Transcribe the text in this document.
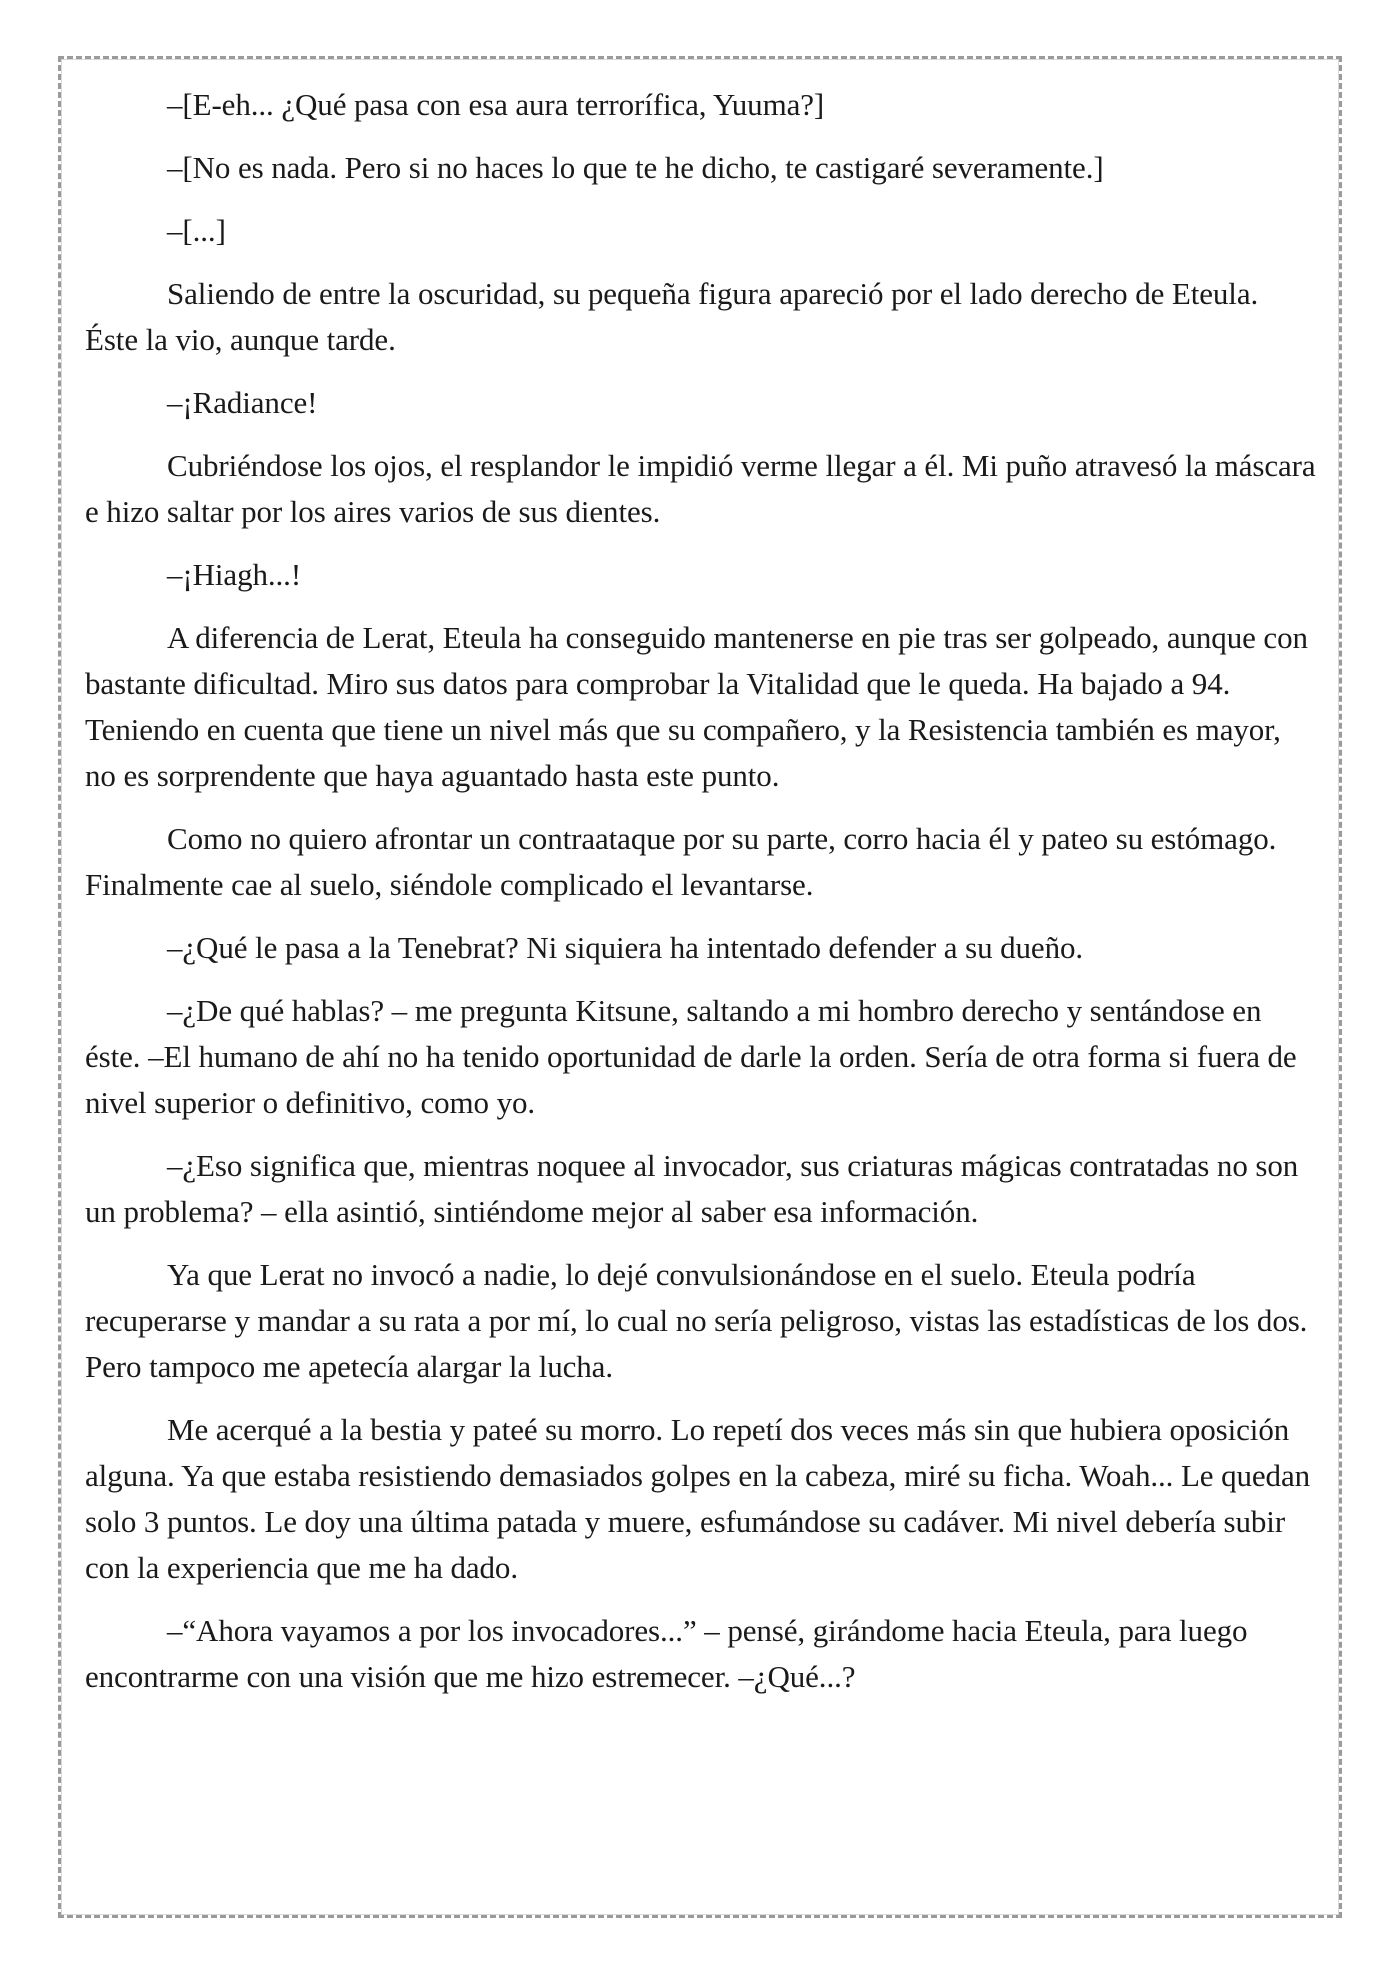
–[E-eh... ¿Qué pasa con esa aura terrorífica, Yuuma?]

–[No es nada. Pero si no haces lo que te he dicho, te castigaré severamente.]

–[...]

Saliendo de entre la oscuridad, su pequeña figura apareció por el lado derecho de Eteula. Éste la vio, aunque tarde.

–¡Radiance!

Cubriéndose los ojos, el resplandor le impidió verme llegar a él. Mi puño atravesó la máscara e hizo saltar por los aires varios de sus dientes.

–¡Hiagh...!

A diferencia de Lerat, Eteula ha conseguido mantenerse en pie tras ser golpeado, aunque con bastante dificultad. Miro sus datos para comprobar la Vitalidad que le queda. Ha bajado a 94. Teniendo en cuenta que tiene un nivel más que su compañero, y la Resistencia también es mayor, no es sorprendente que haya aguantado hasta este punto.

Como no quiero afrontar un contraataque por su parte, corro hacia él y pateo su estómago. Finalmente cae al suelo, siéndole complicado el levantarse.

–¿Qué le pasa a la Tenebrat? Ni siquiera ha intentado defender a su dueño.

–¿De qué hablas? – me pregunta Kitsune, saltando a mi hombro derecho y sentándose en éste. –El humano de ahí no ha tenido oportunidad de darle la orden. Sería de otra forma si fuera de nivel superior o definitivo, como yo.

–¿Eso significa que, mientras noquee al invocador, sus criaturas mágicas contratadas no son un problema? – ella asintió, sintiéndome mejor al saber esa información.

Ya que Lerat no invocó a nadie, lo dejé convulsionándose en el suelo. Eteula podría recuperarse y mandar a su rata a por mí, lo cual no sería peligroso, vistas las estadísticas de los dos. Pero tampoco me apetecía alargar la lucha.

Me acerqué a la bestia y pateé su morro. Lo repetí dos veces más sin que hubiera oposición alguna. Ya que estaba resistiendo demasiados golpes en la cabeza, miré su ficha. Woah... Le quedan solo 3 puntos. Le doy una última patada y muere, esfumándose su cadáver. Mi nivel debería subir con la experiencia que me ha dado.

–“Ahora vayamos a por los invocadores...” – pensé, girándome hacia Eteula, para luego encontrarme con una visión que me hizo estremecer. –¿Qué...?
